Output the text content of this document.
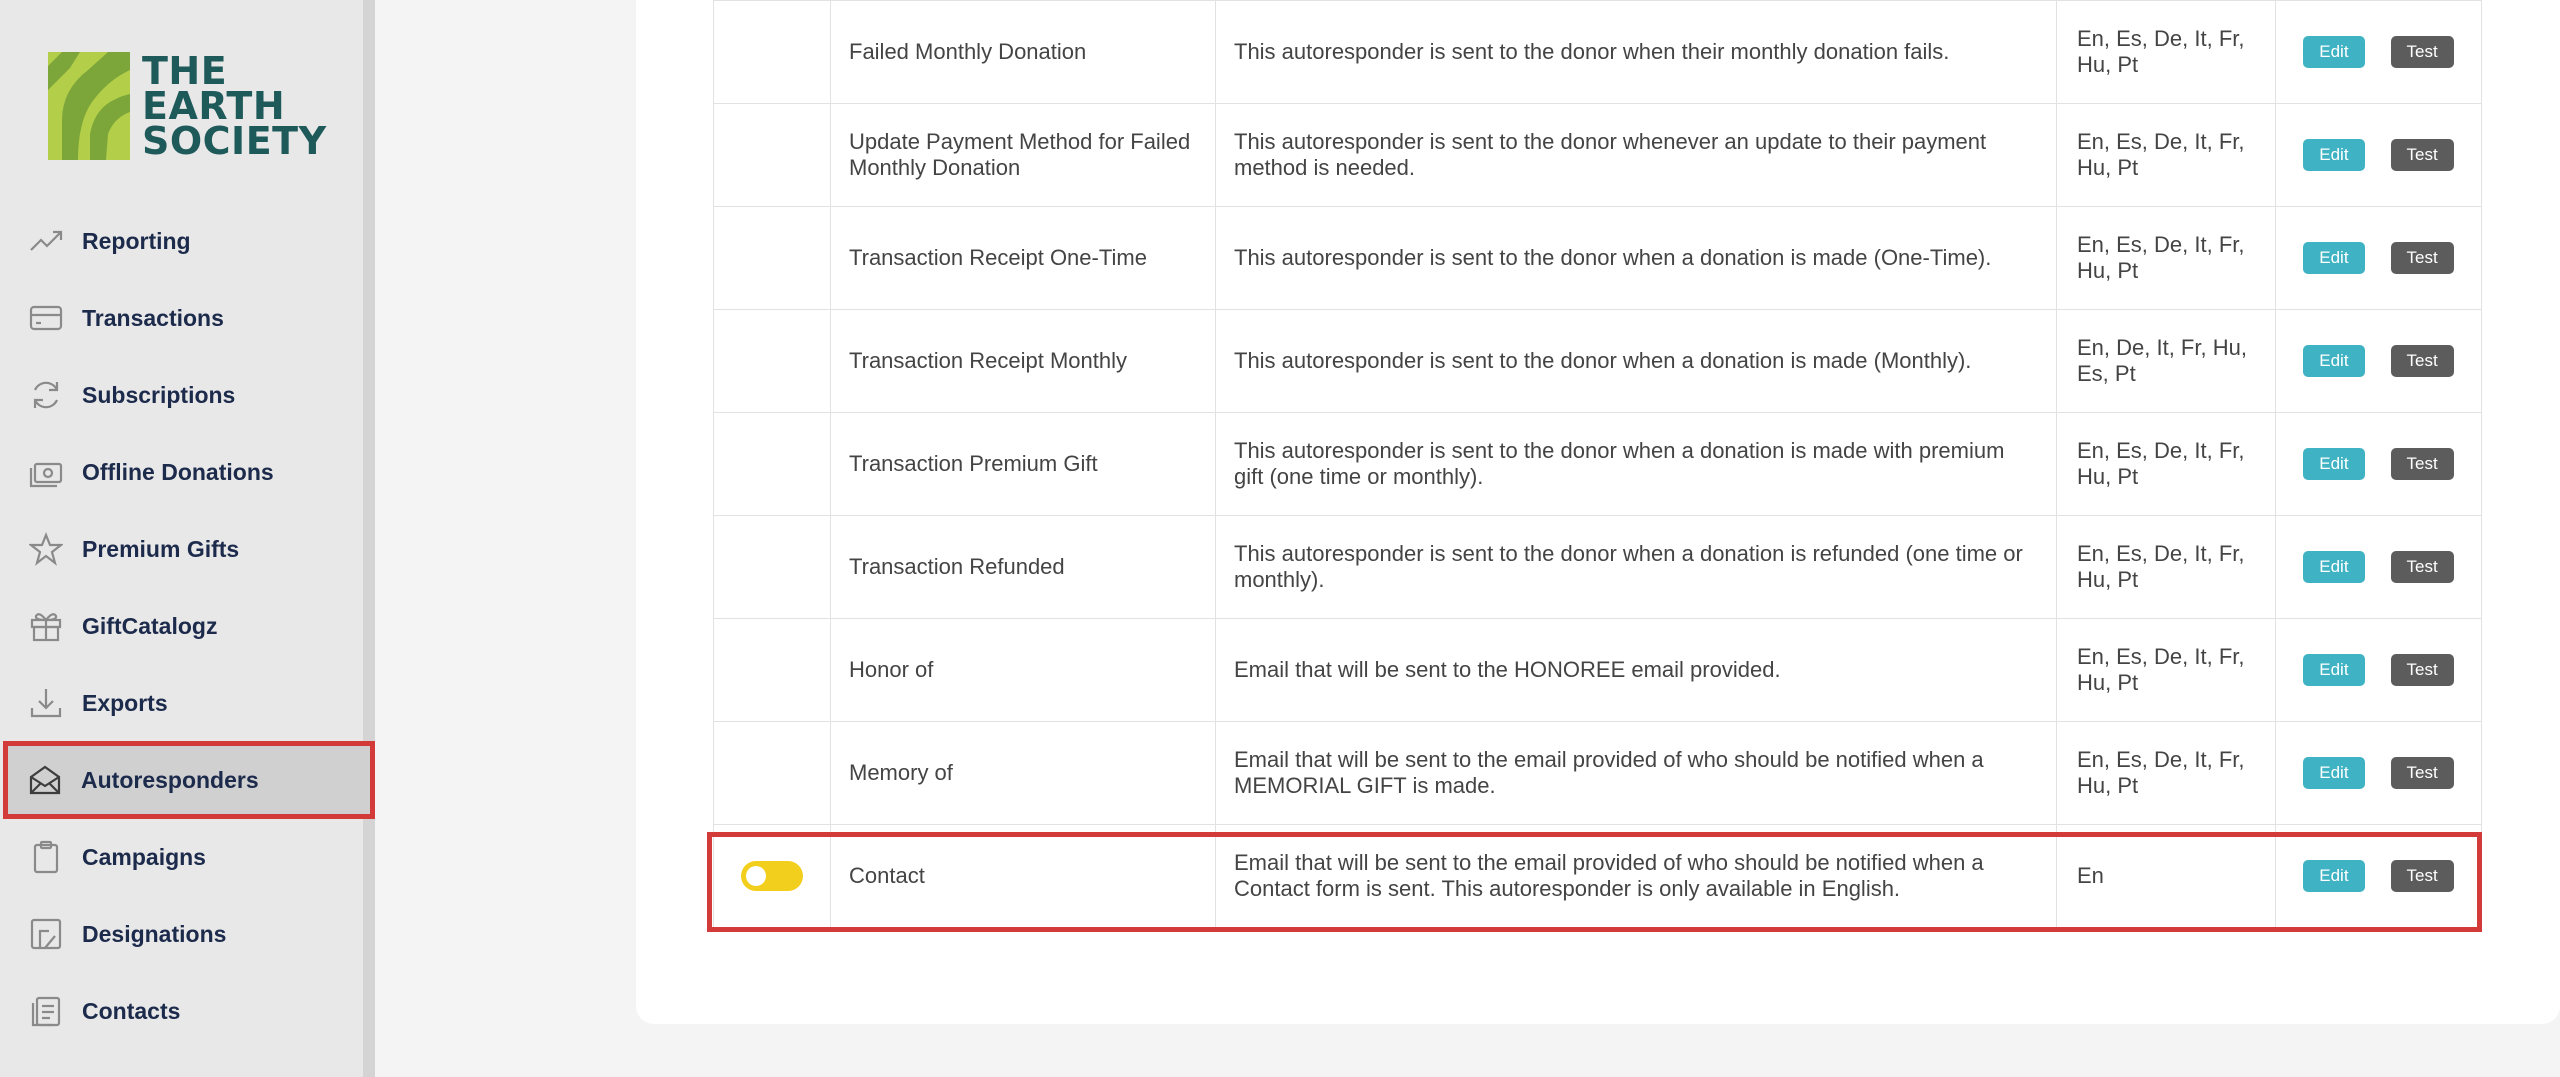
THE
EARTH
SOCIETY
Reporting
Transactions
Subscriptions
Offline Donations
Premium Gifts
GiftCatalogz
Exports
Autoresponders
Campaigns
Designations
Contacts
	Failed Monthly Donation	This autoresponder is sent to the donor when their monthly donation fails.	En, Es, De, It, Fr, Hu, Pt	Edit Test
	Update Payment Method for Failed Monthly Donation	This autoresponder is sent to the donor whenever an update to their payment method is needed.	En, Es, De, It, Fr, Hu, Pt	Edit Test
	Transaction Receipt One-Time	This autoresponder is sent to the donor when a donation is made (One-Time).	En, Es, De, It, Fr, Hu, Pt	Edit Test
	Transaction Receipt Monthly	This autoresponder is sent to the donor when a donation is made (Monthly).	En, De, It, Fr, Hu, Es, Pt	Edit Test
	Transaction Premium Gift	This autoresponder is sent to the donor when a donation is made with premium gift (one time or monthly).	En, Es, De, It, Fr, Hu, Pt	Edit Test
	Transaction Refunded	This autoresponder is sent to the donor when a donation is refunded (one time or monthly).	En, Es, De, It, Fr, Hu, Pt	Edit Test
	Honor of	Email that will be sent to the HONOREE email provided.	En, Es, De, It, Fr, Hu, Pt	Edit Test
	Memory of	Email that will be sent to the email provided of who should be notified when a MEMORIAL GIFT is made.	En, Es, De, It, Fr, Hu, Pt	Edit Test
	Contact	Email that will be sent to the email provided of who should be notified when a Contact form is sent. This autoresponder is only available in English.	En	Edit Test
